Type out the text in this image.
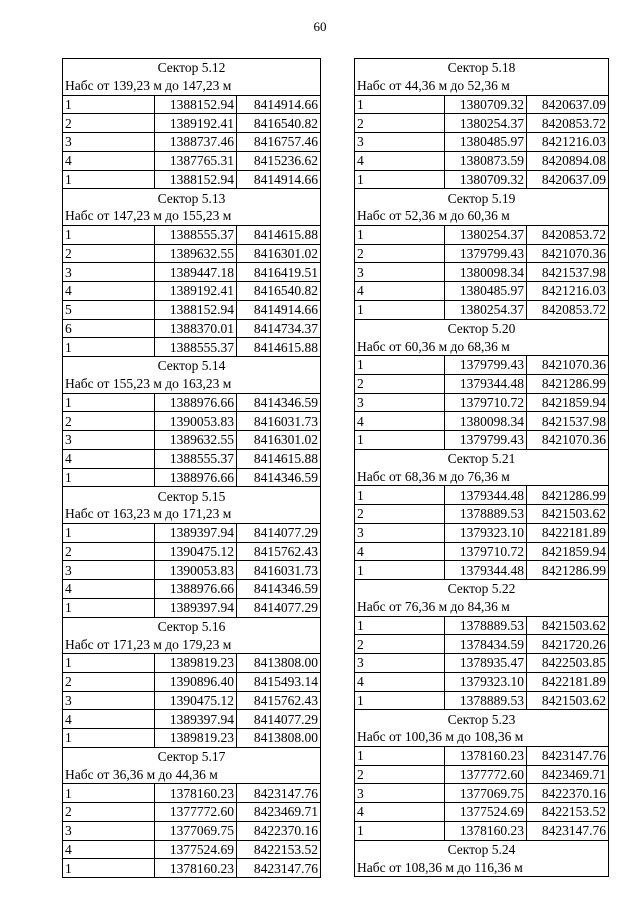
60
Сектор 5.12		
Набс от 139,23 м до 147,23 м		
1	1388152.94	8414914.66
2	1389192.41	8416540.82
3	1388737.46	8416757.46
4	1387765.31	8415236.62
1	1388152.94	8414914.66
Сектор 5.13		
Набс от 147,23 м до 155,23 м		
1	1388555.37	8414615.88
2	1389632.55	8416301.02
3	1389447.18	8416419.51
4	1389192.41	8416540.82
5	1388152.94	8414914.66
6	1388370.01	8414734.37
1	1388555.37	8414615.88
Сектор 5.14		
Набс от 155,23 м до 163,23 м		
1	1388976.66	8414346.59
2	1390053.83	8416031.73
3	1389632.55	8416301.02
4	1388555.37	8414615.88
1	1388976.66	8414346.59
Сектор 5.15		
Набс от 163,23 м до 171,23 м		
1	1389397.94	8414077.29
2	1390475.12	8415762.43
3	1390053.83	8416031.73
4	1388976.66	8414346.59
1	1389397.94	8414077.29
Сектор 5.16		
Набс от 171,23 м до 179,23 м		
1	1389819.23	8413808.00
2	1390896.40	8415493.14
3	1390475.12	8415762.43
4	1389397.94	8414077.29
1	1389819.23	8413808.00
Сектор 5.17		
Набс от 36,36 м до 44,36 м		
1	1378160.23	8423147.76
2	1377772.60	8423469.71
3	1377069.75	8422370.16
4	1377524.69	8422153.52
1	1378160.23	8423147.76
Сектор 5.18		
Набс от 44,36 м до 52,36 м		
1	1380709.32	8420637.09
2	1380254.37	8420853.72
3	1380485.97	8421216.03
4	1380873.59	8420894.08
1	1380709.32	8420637.09
Сектор 5.19		
Набс от 52,36 м до 60,36 м		
1	1380254.37	8420853.72
2	1379799.43	8421070.36
3	1380098.34	8421537.98
4	1380485.97	8421216.03
1	1380254.37	8420853.72
Сектор 5.20		
Набс от 60,36 м до 68,36 м		
1	1379799.43	8421070.36
2	1379344.48	8421286.99
3	1379710.72	8421859.94
4	1380098.34	8421537.98
1	1379799.43	8421070.36
Сектор 5.21		
Набс от 68,36 м до 76,36 м		
1	1379344.48	8421286.99
2	1378889.53	8421503.62
3	1379323.10	8422181.89
4	1379710.72	8421859.94
1	1379344.48	8421286.99
Сектор 5.22		
Набс от 76,36 м до 84,36 м		
1	1378889.53	8421503.62
2	1378434.59	8421720.26
3	1378935.47	8422503.85
4	1379323.10	8422181.89
1	1378889.53	8421503.62
Сектор 5.23		
Набс от 100,36 м до 108,36 м		
1	1378160.23	8423147.76
2	1377772.60	8423469.71
3	1377069.75	8422370.16
4	1377524.69	8422153.52
1	1378160.23	8423147.76
Сектор 5.24		
Набс от 108,36 м до 116,36 м		
